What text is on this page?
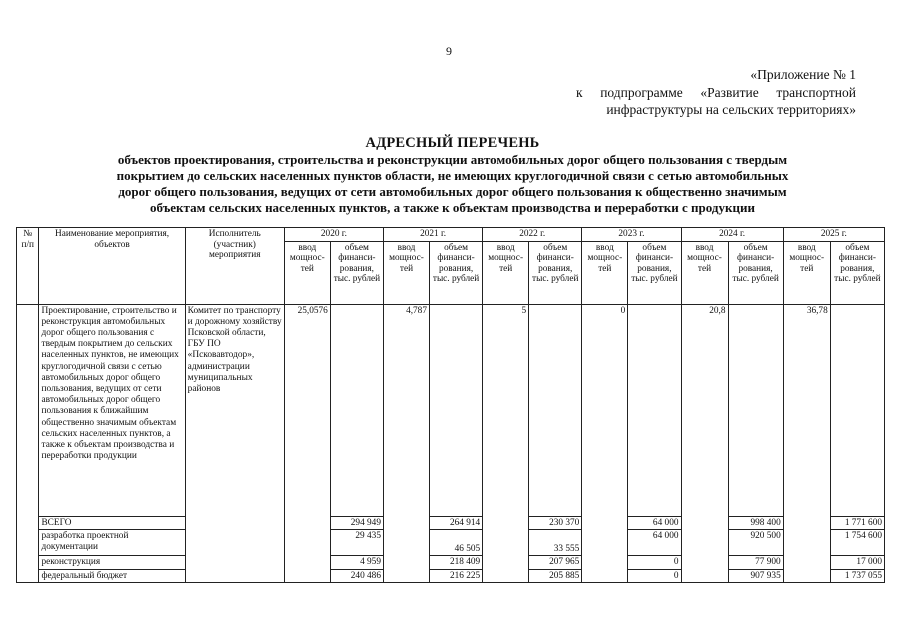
9
«Приложение № 1
к подпрограмме «Развитие транспортной
инфраструктуры на сельских территориях»
АДРЕСНЫЙ ПЕРЕЧЕНЬ
объектов проектирования, строительства и реконструкции автомобильных дорог общего пользования с твердым
покрытием до сельских населенных пунктов области, не имеющих круглогодичной связи с сетью автомобильных
дорог общего пользования, ведущих от сети автомобильных дорог общего пользования к общественно значимым
объектам сельских населенных пунктов, а также к объектам производства и переработки с продукции
№ п/п	Наименование мероприятия, объектов	Исполнитель (участник) мероприятия	2020 г.		2021 г.		2022 г.		2023 г.		2024 г.		2025 г.	
			ввод мощнос-тей	объем финанси-рования, тыс. рублей	ввод мощнос-тей	объем финанси-рования, тыс. рублей	ввод мощнос-тей	объем финанси-рования, тыс. рублей	ввод мощнос-тей	объем финанси-рования, тыс. рублей	ввод мощнос-тей	объем финанси-рования, тыс. рублей	ввод мощнос-тей	объем финанси-рования, тыс. рублей
	Проектирование, строительство и реконструкция автомобильных дорог общего пользования с твердым покрытием до сельских населенных пунктов, не имеющих круглогодичной связи с сетью автомобильных дорог общего пользования, ведущих от сети автомобильных дорог общего пользования к ближайшим общественно значимым объектам сельских населенных пунктов, а также к объектам производства и переработки продукции	Комитет по транспорту и дорожному хозяйству Псковской области, ГБУ ПО «Псковавтодор», администрации муниципальных районов	25,0576		4,787		5		0		20,8		36,78	
	ВСЕГО			294 949		264 914		230 370		64 000		998 400		1 771 600
	разработка проектной документации			29 435		46 505		33 555		64 000		920 500		1 754 600
	реконструкция			4 959		218 409		207 965		0		77 900		17 000
	федеральный бюджет			240 486		216 225		205 885		0		907 935		1 737 055
